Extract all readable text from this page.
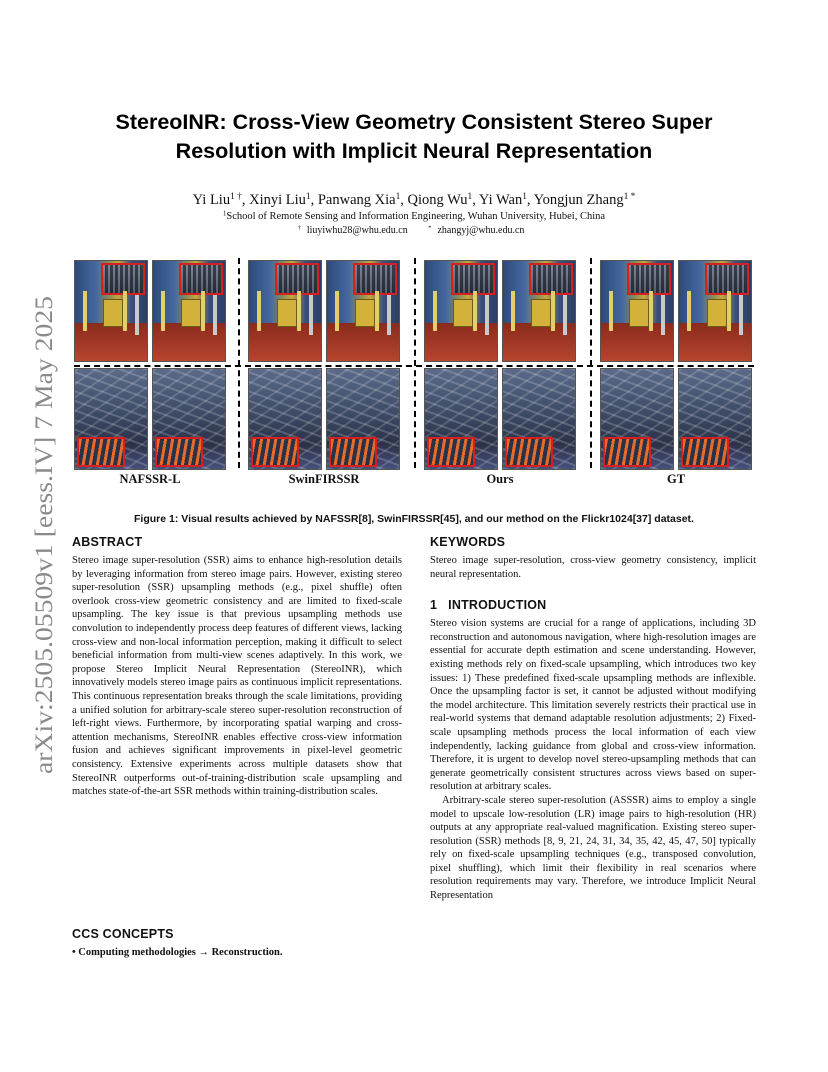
arXiv:2505.05509v1 [eess.IV] 7 May 2025
StereoINR: Cross-View Geometry Consistent Stereo Super
Resolution with Implicit Neural Representation
Yi Liu$^{1 \dagger}$, Xinyi Liu$^1$, Panwang Xia$^1$, Qiong Wu$^1$, Yi Wan$^1$, Yongjun Zhang$^{1 *}$
$^1$School of Remote Sensing and Information Engineering, Wuhan University, Hubei, China
† liuyiwhu28@whu.edu.cn	* zhangyj@whu.edu.cn
NAFSSR-L	SwinFIRSSR	Ours	GT
Figure 1: Visual results achieved by NAFSSR[8], SwinFIRSSR[45], and our method on the Flickr1024[37] dataset.
ABSTRACT

Stereo image super-resolution (SSR) aims to enhance high-resolution details by leveraging information from stereo image pairs. However, existing stereo super-resolution (SSR) upsampling methods (e.g., pixel shuffle) often overlook cross-view geometric consistency and are limited to fixed-scale upsampling. The key issue is that previous upsampling methods use convolution to independently process deep features of different views, lacking cross-view and non-local information perception, making it difficult to select beneficial information from multi-view scenes adaptively. In this work, we propose Stereo Implicit Neural Representation (StereoINR), which innovatively models stereo image pairs as continuous implicit representations. This continuous representation breaks through the scale limitations, providing a unified solution for arbitrary-scale stereo super-resolution reconstruction of left-right views. Furthermore, by incorporating spatial warping and cross-attention mechanisms, StereoINR enables effective cross-view information fusion and achieves significant improvements in pixel-level geometric consistency. Extensive experiments across multiple datasets show that StereoINR outperforms out-of-training-distribution scale upsampling and matches state-of-the-art SSR methods within training-distribution scales.

CCS CONCEPTS
• Computing methodologies → Reconstruction.
KEYWORDS

Stereo image super-resolution, cross-view geometry consistency, implicit neural representation.

1   INTRODUCTION

Stereo vision systems are crucial for a range of applications, including 3D reconstruction and autonomous navigation, where high-resolution images are essential for accurate depth estimation and scene understanding. However, existing methods rely on fixed-scale upsampling, which introduces two key issues: 1) These predefined fixed-scale upsampling methods are inflexible. Once the upsampling factor is set, it cannot be adjusted without modifying the model architecture. This limitation severely restricts their practical use in real-world systems that demand adaptable resolution adjustments; 2) Fixed-scale upsampling methods process the local information of each view independently, lacking guidance from global and cross-view information. Therefore, it is urgent to develop novel stereo-upsampling methods that can generate geometrically consistent structures across views based on super-resolution at arbitrary scales.

Arbitrary-scale stereo super-resolution (ASSSR) aims to employ a single model to upscale low-resolution (LR) image pairs to high-resolution (HR) outputs at any appropriate real-valued magnification. Existing stereo super-resolution (SSR) methods [8, 9, 21, 24, 31, 34, 35, 42, 45, 47, 50] typically rely on fixed-scale upsampling techniques (e.g., transposed convolution, pixel shuffling), which limit their flexibility in real scenarios where resolution requirements may vary. Therefore, we introduce Implicit Neural Representation
